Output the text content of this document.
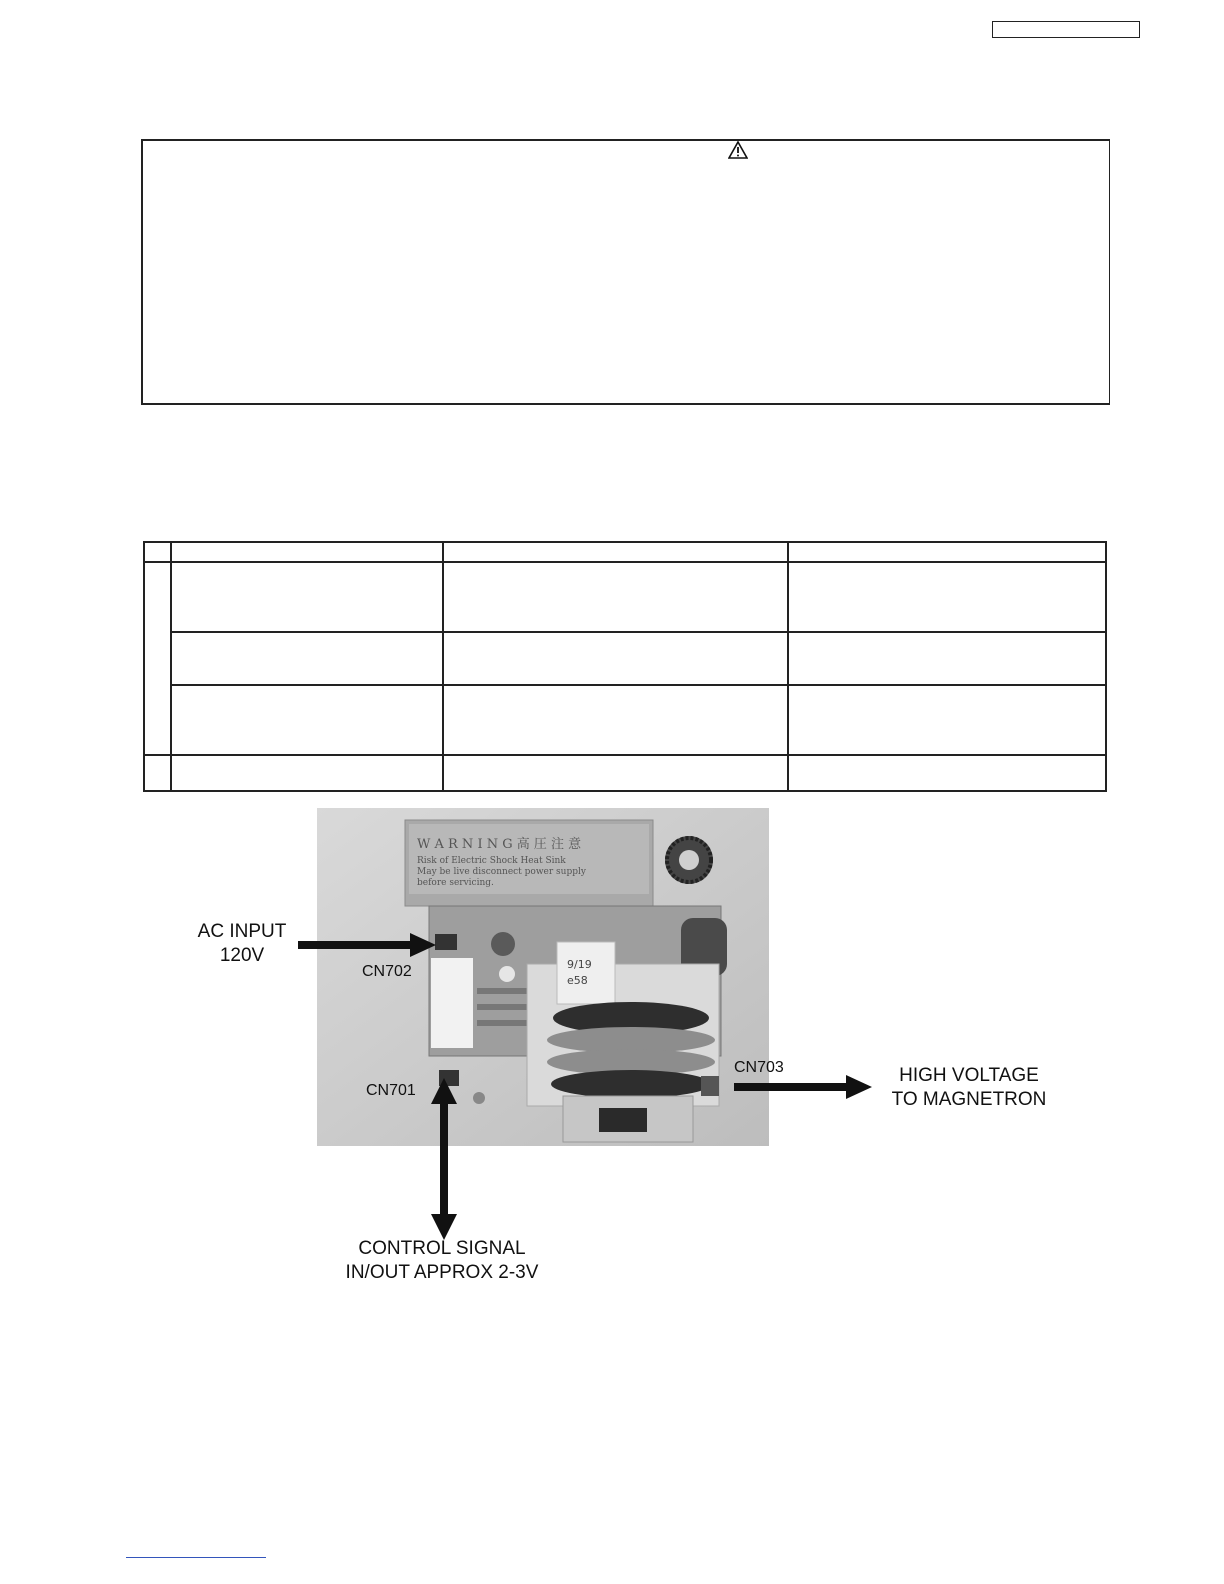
W A R N I N G 高 圧 注 意
Risk of Electric Shock Heat Sink
May be live disconnect power supply
before servicing.
9/19
e58
AC INPUT
120V
CN702
CN701
CONTROL SIGNAL
IN/OUT APPROX 2-3V
CN703	HIGH VOLTAGE
TO MAGNETRON
